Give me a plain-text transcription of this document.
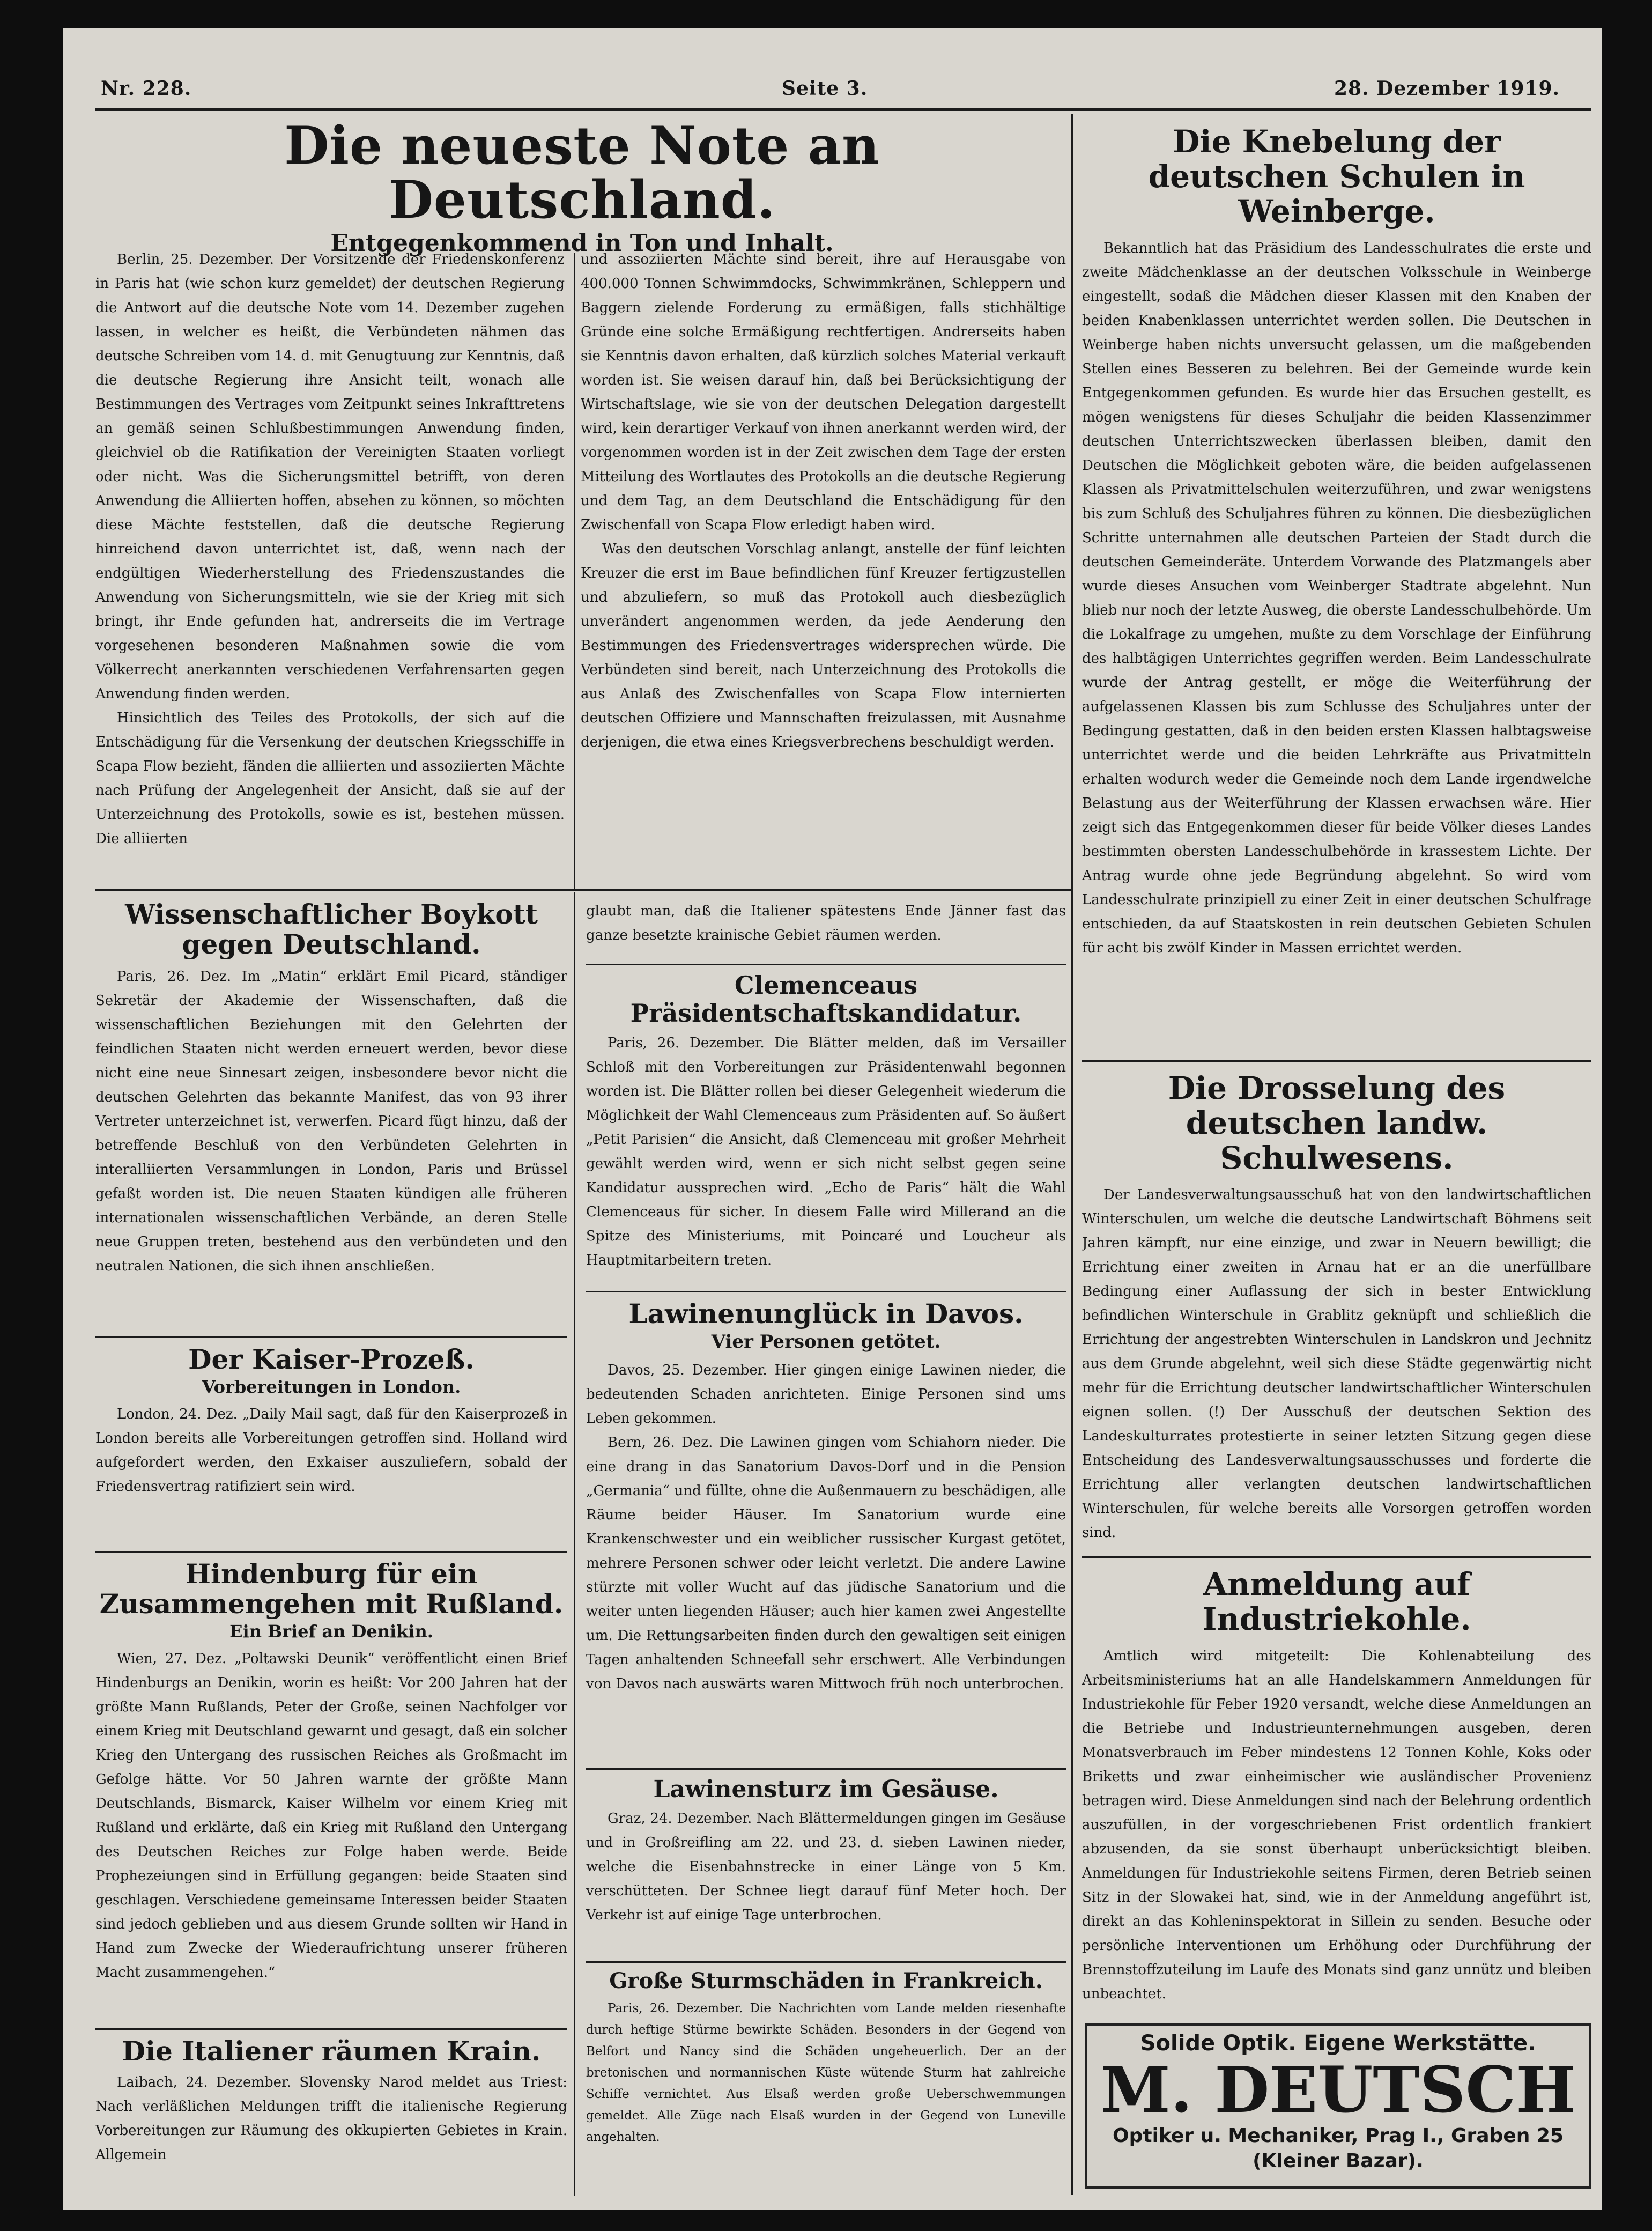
Nr. 228.	Seite 3.	28. Dezember 1919.
Die neueste Note an Deutschland.
Entgegenkommend in Ton und Inhalt.

Berlin, 25. Dezember. Der Vorsitzende der Friedenskonferenz in Paris hat (wie schon kurz gemeldet) der deutschen Regierung die Antwort auf die deutsche Note vom 14. Dezember zugehen lassen, in welcher es heißt, die Verbündeten nähmen das deutsche Schreiben vom 14. d. mit Genugtuung zur Kenntnis, daß die deutsche Regierung ihre Ansicht teilt, wonach alle Bestimmungen des Vertrages vom Zeitpunkt seines Inkrafttretens an gemäß seinen Schlußbestimmungen Anwendung finden, gleichviel ob die Ratifikation der Vereinigten Staaten vorliegt oder nicht. Was die Sicherungsmittel betrifft, von deren Anwendung die Alliierten hoffen, absehen zu können, so möchten diese Mächte feststellen, daß die deutsche Regierung hinreichend davon unterrichtet ist, daß, wenn nach der endgültigen Wiederherstellung des Friedenszustandes die Anwendung von Sicherungsmitteln, wie sie der Krieg mit sich bringt, ihr Ende gefunden hat, andrerseits die im Vertrage vorgesehenen besonderen Maßnahmen sowie die vom Völkerrecht anerkannten verschiedenen Verfahrensarten gegen Anwendung finden werden.

Hinsichtlich des Teiles des Protokolls, der sich auf die Entschädigung für die Versenkung der deutschen Kriegsschiffe in Scapa Flow bezieht, fänden die alliierten und assoziierten Mächte nach Prüfung der Angelegenheit der Ansicht, daß sie auf der Unterzeichnung des Protokolls, sowie es ist, bestehen müssen. Die alliierten

und assoziierten Mächte sind bereit, ihre auf Herausgabe von 400.000 Tonnen Schwimmdocks, Schwimmkränen, Schleppern und Baggern zielende Forderung zu ermäßigen, falls stichhältige Gründe eine solche Ermäßigung rechtfertigen. Andrerseits haben sie Kenntnis davon erhalten, daß kürzlich solches Material verkauft worden ist. Sie weisen darauf hin, daß bei Berücksichtigung der Wirtschaftslage, wie sie von der deutschen Delegation dargestellt wird, kein derartiger Verkauf von ihnen anerkannt werden wird, der vorgenommen worden ist in der Zeit zwischen dem Tage der ersten Mitteilung des Wortlautes des Protokolls an die deutsche Regierung und dem Tag, an dem Deutschland die Entschädigung für den Zwischenfall von Scapa Flow erledigt haben wird.

Was den deutschen Vorschlag anlangt, anstelle der fünf leichten Kreuzer die erst im Baue befindlichen fünf Kreuzer fertigzustellen und abzuliefern, so muß das Protokoll auch diesbezüglich unverändert angenommen werden, da jede Aenderung den Bestimmungen des Friedensvertrages widersprechen würde. Die Verbündeten sind bereit, nach Unterzeichnung des Protokolls die aus Anlaß des Zwischenfalles von Scapa Flow internierten deutschen Offiziere und Mannschaften freizulassen, mit Ausnahme derjenigen, die etwa eines Kriegsverbrechens beschuldigt werden.

Die Knebelung der deutschen Schulen in Weinberge.

Bekanntlich hat das Präsidium des Landesschulrates die erste und zweite Mädchenklasse an der deutschen Volksschule in Weinberge eingestellt, sodaß die Mädchen dieser Klassen mit den Knaben der beiden Knabenklassen unterrichtet werden sollen. Die Deutschen in Weinberge haben nichts unversucht gelassen, um die maßgebenden Stellen eines Besseren zu belehren. Bei der Gemeinde wurde kein Entgegenkommen gefunden. Es wurde hier das Ersuchen gestellt, es mögen wenigstens für dieses Schuljahr die beiden Klassenzimmer deutschen Unterrichtszwecken überlassen bleiben, damit den Deutschen die Möglichkeit geboten wäre, die beiden aufgelassenen Klassen als Privatmittelschulen weiterzuführen, und zwar wenigstens bis zum Schluß des Schuljahres führen zu können. Die diesbezüglichen Schritte unternahmen alle deutschen Parteien der Stadt durch die deutschen Gemeinderäte. Unterdem Vorwande des Platzmangels aber wurde dieses Ansuchen vom Weinberger Stadtrate abgelehnt. Nun blieb nur noch der letzte Ausweg, die oberste Landesschulbehörde. Um die Lokalfrage zu umgehen, mußte zu dem Vorschlage der Einführung des halbtägigen Unterrichtes gegriffen werden. Beim Landesschulrate wurde der Antrag gestellt, er möge die Weiterführung der aufgelassenen Klassen bis zum Schlusse des Schuljahres unter der Bedingung gestatten, daß in den beiden ersten Klassen halbtagsweise unterrichtet werde und die beiden Lehrkräfte aus Privatmitteln erhalten wodurch weder die Gemeinde noch dem Lande irgendwelche Belastung aus der Weiterführung der Klassen erwachsen wäre. Hier zeigt sich das Entgegenkommen dieser für beide Völker dieses Landes bestimmten obersten Landesschulbehörde in krassestem Lichte. Der Antrag wurde ohne jede Begründung abgelehnt. So wird vom Landesschulrate prinzipiell zu einer Zeit in einer deutschen Schulfrage entschieden, da auf Staatskosten in rein deutschen Gebieten Schulen für acht bis zwölf Kinder in Massen errichtet werden.

Die Drosselung des deutschen landw. Schulwesens.

Der Landesverwaltungsausschuß hat von den landwirtschaftlichen Winterschulen, um welche die deutsche Landwirtschaft Böhmens seit Jahren kämpft, nur eine einzige, und zwar in Neuern bewilligt; die Errichtung einer zweiten in Arnau hat er an die unerfüllbare Bedingung einer Auflassung der sich in bester Entwicklung befindlichen Winterschule in Grablitz geknüpft und schließlich die Errichtung der angestrebten Winterschulen in Landskron und Jechnitz aus dem Grunde abgelehnt, weil sich diese Städte gegenwärtig nicht mehr für die Errichtung deutscher landwirtschaftlicher Winterschulen eignen sollen. (!) Der Ausschuß der deutschen Sektion des Landeskulturrates protestierte in seiner letzten Sitzung gegen diese Entscheidung des Landesverwaltungsausschusses und forderte die Errichtung aller verlangten deutschen landwirtschaftlichen Winterschulen, für welche bereits alle Vorsorgen getroffen worden sind.

Anmeldung auf Industriekohle.

Amtlich wird mitgeteilt: Die Kohlenabteilung des Arbeitsministeriums hat an alle Handelskammern Anmeldungen für Industriekohle für Feber 1920 versandt, welche diese Anmeldungen an die Betriebe und Industrieunternehmungen ausgeben, deren Monatsverbrauch im Feber mindestens 12 Tonnen Kohle, Koks oder Briketts und zwar einheimischer wie ausländischer Provenienz betragen wird. Diese Anmeldungen sind nach der Belehrung ordentlich auszufüllen, in der vorgeschriebenen Frist ordentlich frankiert abzusenden, da sie sonst überhaupt unberücksichtigt bleiben. Anmeldungen für Industriekohle seitens Firmen, deren Betrieb seinen Sitz in der Slowakei hat, sind, wie in der Anmeldung angeführt ist, direkt an das Kohleninspektorat in Sillein zu senden. Besuche oder persönliche Interventionen um Erhöhung oder Durchführung der Brennstoffzuteilung im Laufe des Monats sind ganz unnütz und bleiben unbeachtet.

Solide Optik. Eigene Werkstätte.
M. DEUTSCH
Optiker u. Mechaniker, Prag I., Graben 25
(Kleiner Bazar).
Wissenschaftlicher Boykott gegen Deutschland.

Paris, 26. Dez. Im „Matin“ erklärt Emil Picard, ständiger Sekretär der Akademie der Wissenschaften, daß die wissenschaftlichen Beziehungen mit den Gelehrten der feindlichen Staaten nicht werden erneuert werden, bevor diese nicht eine neue Sinnesart zeigen, insbesondere bevor nicht die deutschen Gelehrten das bekannte Manifest, das von 93 ihrer Vertreter unterzeichnet ist, verwerfen. Picard fügt hinzu, daß der betreffende Beschluß von den Verbündeten Gelehrten in interalliierten Versammlungen in London, Paris und Brüssel gefaßt worden ist. Die neuen Staaten kündigen alle früheren internationalen wissenschaftlichen Verbände, an deren Stelle neue Gruppen treten, bestehend aus den verbündeten und den neutralen Nationen, die sich ihnen anschließen.

Der Kaiser-Prozeß.
Vorbereitungen in London.

London, 24. Dez. „Daily Mail sagt, daß für den Kaiserprozeß in London bereits alle Vorbereitungen getroffen sind. Holland wird aufgefordert werden, den Exkaiser auszuliefern, sobald der Friedensvertrag ratifiziert sein wird.

Hindenburg für ein Zusammengehen mit Rußland.
Ein Brief an Denikin.

Wien, 27. Dez. „Poltawski Deunik“ veröffentlicht einen Brief Hindenburgs an Denikin, worin es heißt: Vor 200 Jahren hat der größte Mann Rußlands, Peter der Große, seinen Nachfolger vor einem Krieg mit Deutschland gewarnt und gesagt, daß ein solcher Krieg den Untergang des russischen Reiches als Großmacht im Gefolge hätte. Vor 50 Jahren warnte der größte Mann Deutschlands, Bismarck, Kaiser Wilhelm vor einem Krieg mit Rußland und erklärte, daß ein Krieg mit Rußland den Untergang des Deutschen Reiches zur Folge haben werde. Beide Prophezeiungen sind in Erfüllung gegangen: beide Staaten sind geschlagen. Verschiedene gemeinsame Interessen beider Staaten sind jedoch geblieben und aus diesem Grunde sollten wir Hand in Hand zum Zwecke der Wiederaufrichtung unserer früheren Macht zusammengehen.“

Die Italiener räumen Krain.

Laibach, 24. Dezember. Slovensky Narod meldet aus Triest: Nach verläßlichen Meldungen trifft die italienische Regierung Vorbereitungen zur Räumung des okkupierten Gebietes in Krain. Allgemein

glaubt man, daß die Italiener spätestens Ende Jänner fast das ganze besetzte krainische Gebiet räumen werden.

Clemenceaus Präsidentschaftskandidatur.

Paris, 26. Dezember. Die Blätter melden, daß im Versailler Schloß mit den Vorbereitungen zur Präsidentenwahl begonnen worden ist. Die Blätter rollen bei dieser Gelegenheit wiederum die Möglichkeit der Wahl Clemenceaus zum Präsidenten auf. So äußert „Petit Parisien“ die Ansicht, daß Clemenceau mit großer Mehrheit gewählt werden wird, wenn er sich nicht selbst gegen seine Kandidatur aussprechen wird. „Echo de Paris“ hält die Wahl Clemenceaus für sicher. In diesem Falle wird Millerand an die Spitze des Ministeriums, mit Poincaré und Loucheur als Hauptmitarbeitern treten.

Lawinenunglück in Davos.
Vier Personen getötet.

Davos, 25. Dezember. Hier gingen einige Lawinen nieder, die bedeutenden Schaden anrichteten. Einige Personen sind ums Leben gekommen.

Bern, 26. Dez. Die Lawinen gingen vom Schiahorn nieder. Die eine drang in das Sanatorium Davos-Dorf und in die Pension „Germania“ und füllte, ohne die Außenmauern zu beschädigen, alle Räume beider Häuser. Im Sanatorium wurde eine Krankenschwester und ein weiblicher russischer Kurgast getötet, mehrere Personen schwer oder leicht verletzt. Die andere Lawine stürzte mit voller Wucht auf das jüdische Sanatorium und die weiter unten liegenden Häuser; auch hier kamen zwei Angestellte um. Die Rettungsarbeiten finden durch den gewaltigen seit einigen Tagen anhaltenden Schneefall sehr erschwert. Alle Verbindungen von Davos nach auswärts waren Mittwoch früh noch unterbrochen.

Lawinensturz im Gesäuse.

Graz, 24. Dezember. Nach Blättermeldungen gingen im Gesäuse und in Großreifling am 22. und 23. d. sieben Lawinen nieder, welche die Eisenbahnstrecke in einer Länge von 5 Km. verschütteten. Der Schnee liegt darauf fünf Meter hoch. Der Verkehr ist auf einige Tage unterbrochen.

Große Sturmschäden in Frankreich.

Paris, 26. Dezember. Die Nachrichten vom Lande melden riesenhafte durch heftige Stürme bewirkte Schäden. Besonders in der Gegend von Belfort und Nancy sind die Schäden ungeheuerlich. Der an der bretonischen und normannischen Küste wütende Sturm hat zahlreiche Schiffe vernichtet. Aus Elsaß werden große Ueberschwemmungen gemeldet. Alle Züge nach Elsaß wurden in der Gegend von Luneville angehalten.
